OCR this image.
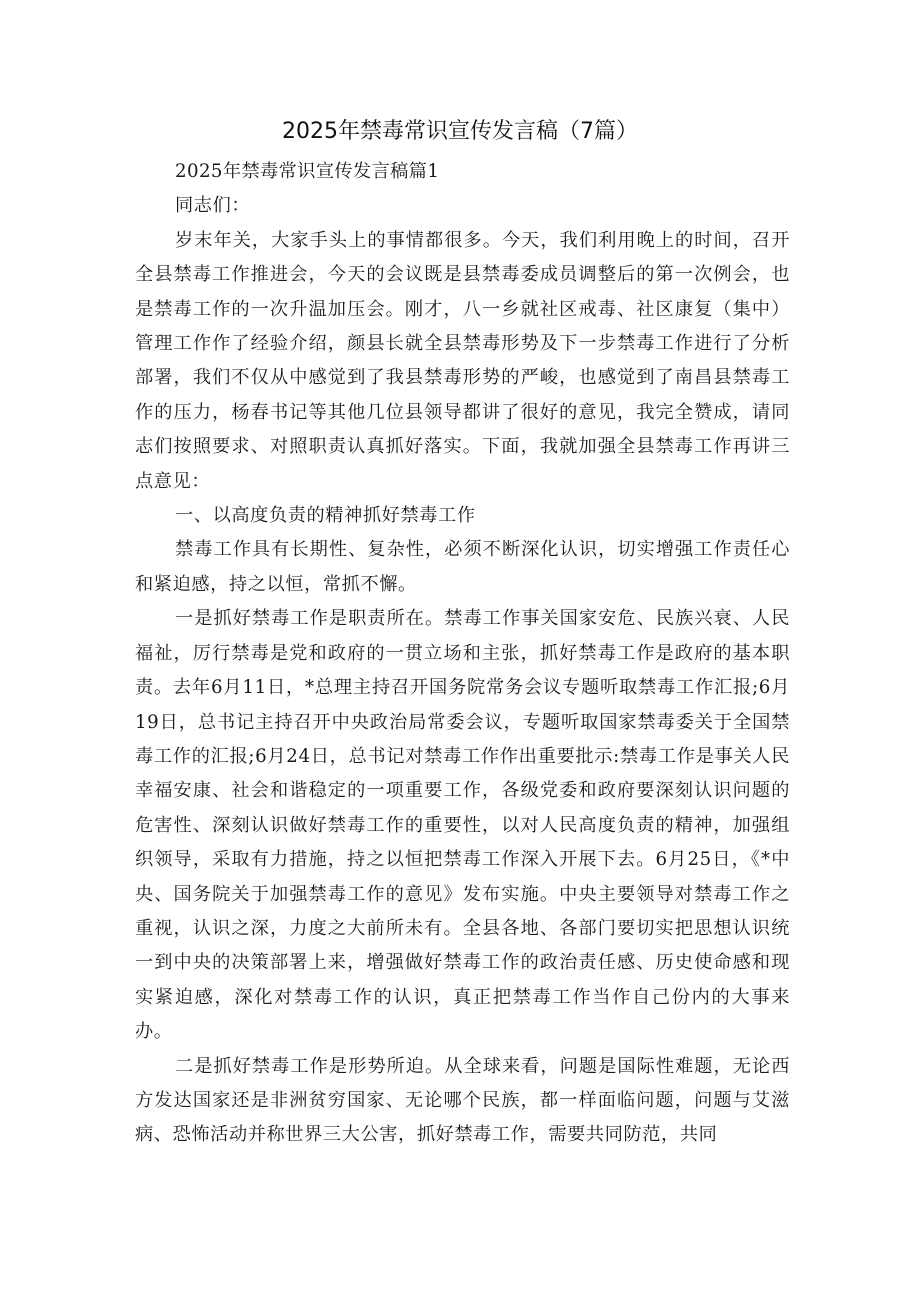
2025年禁毒常识宣传发言稿（7篇）

2025年禁毒常识宣传发言稿篇1

同志们：

岁末年关，大家手头上的事情都很多。今天，我们利用晚上的时间，召开全县禁毒工作推进会，今天的会议既是县禁毒委成员调整后的第一次例会，也是禁毒工作的一次升温加压会。刚才，八一乡就社区戒毒、社区康复（集中）管理工作作了经验介绍，颜县长就全县禁毒形势及下一步禁毒工作进行了分析部署，我们不仅从中感觉到了我县禁毒形势的严峻，也感觉到了南昌县禁毒工作的压力，杨春书记等其他几位县领导都讲了很好的意见，我完全赞成，请同志们按照要求、对照职责认真抓好落实。下面，我就加强全县禁毒工作再讲三点意见：

一、以高度负责的精神抓好禁毒工作

禁毒工作具有长期性、复杂性，必须不断深化认识，切实增强工作责任心和紧迫感，持之以恒，常抓不懈。

一是抓好禁毒工作是职责所在。禁毒工作事关国家安危、民族兴衰、人民福祉，厉行禁毒是党和政府的一贯立场和主张，抓好禁毒工作是政府的基本职责。去年6月11日，*总理主持召开国务院常务会议专题听取禁毒工作汇报;6月19日，总书记主持召开中央政治局常委会议，专题听取国家禁毒委关于全国禁毒工作的汇报;6月24日，总书记对禁毒工作作出重要批示:禁毒工作是事关人民幸福安康、社会和谐稳定的一项重要工作，各级党委和政府要深刻认识问题的危害性、深刻认识做好禁毒工作的重要性，以对人民高度负责的精神，加强组织领导，采取有力措施，持之以恒把禁毒工作深入开展下去。6月25日，《*中央、国务院关于加强禁毒工作的意见》发布实施。中央主要领导对禁毒工作之重视，认识之深，力度之大前所未有。全县各地、各部门要切实把思想认识统一到中央的决策部署上来，增强做好禁毒工作的政治责任感、历史使命感和现实紧迫感，深化对禁毒工作的认识，真正把禁毒工作当作自己份内的大事来办。

二是抓好禁毒工作是形势所迫。从全球来看，问题是国际性难题，无论西方发达国家还是非洲贫穷国家、无论哪个民族，都一样面临问题，问题与艾滋病、恐怖活动并称世界三大公害，抓好禁毒工作，需要共同防范，共同
